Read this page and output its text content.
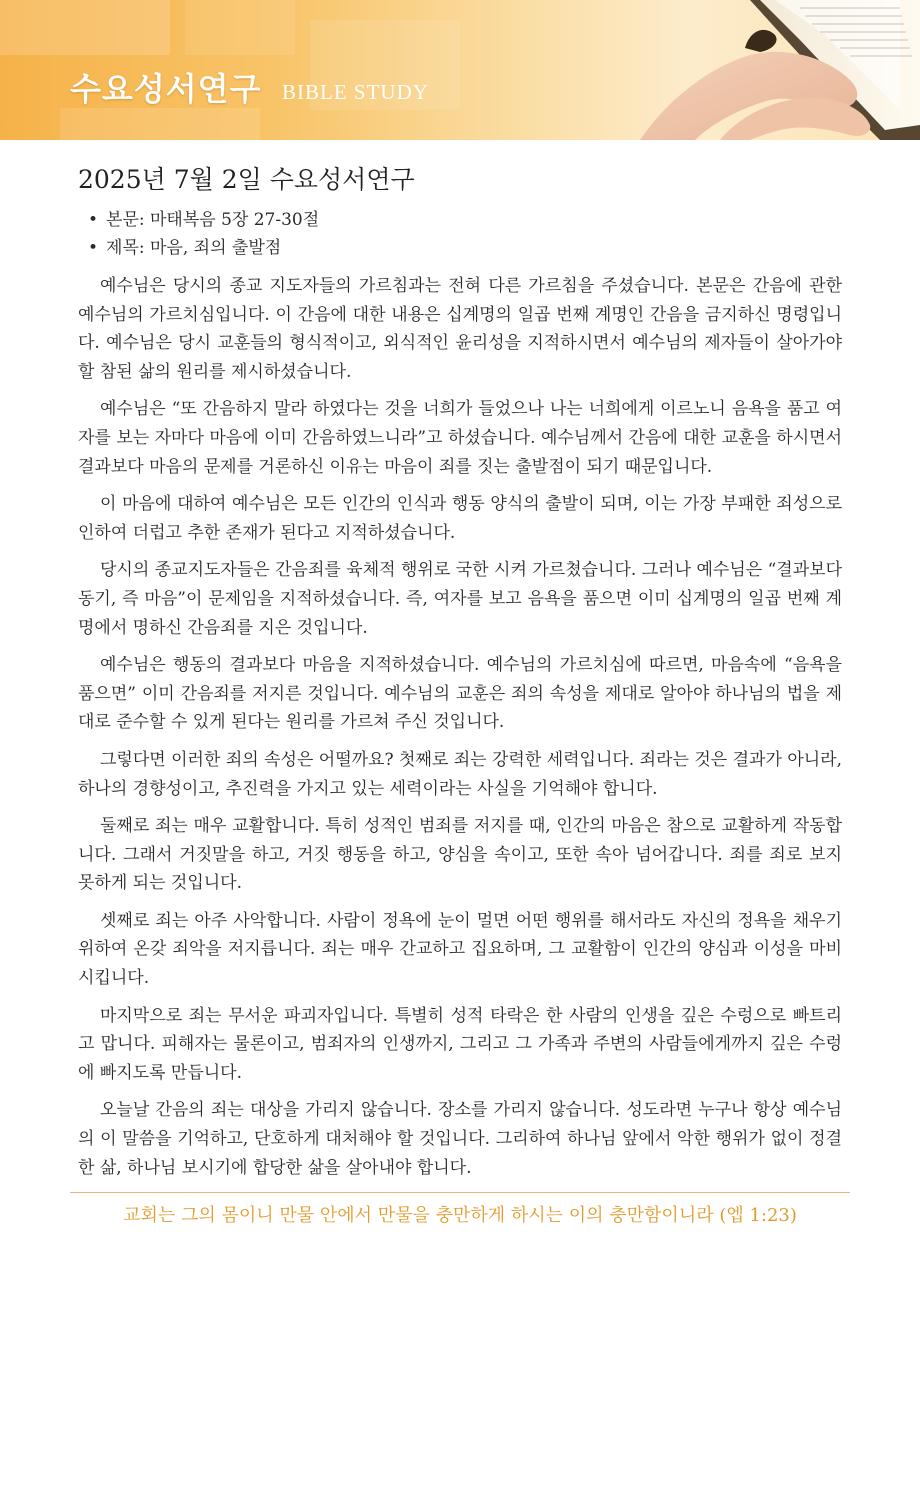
수요성서연구 BIBLE STUDY
2025년 7월 2일 수요성서연구
• 본문: 마태복음 5장 27-30절
• 제목: 마음, 죄의 출발점

예수님은 당시의 종교 지도자들의 가르침과는 전혀 다른 가르침을 주셨습니다. 본문은 간음에 관한 예수님의 가르치심입니다. 이 간음에 대한 내용은 십계명의 일곱 번째 계명인 간음을 금지하신 명령입니다. 예수님은 당시 교훈들의 형식적이고, 외식적인 윤리성을 지적하시면서 예수님의 제자들이 살아가야 할 참된 삶의 원리를 제시하셨습니다.

예수님은 “또 간음하지 말라 하였다는 것을 너희가 들었으나 나는 너희에게 이르노니 음욕을 품고 여자를 보는 자마다 마음에 이미 간음하였느니라”고 하셨습니다. 예수님께서 간음에 대한 교훈을 하시면서 결과보다 마음의 문제를 거론하신 이유는 마음이 죄를 짓는 출발점이 되기 때문입니다.

이 마음에 대하여 예수님은 모든 인간의 인식과 행동 양식의 출발이 되며, 이는 가장 부패한 죄성으로 인하여 더럽고 추한 존재가 된다고 지적하셨습니다.

당시의 종교지도자들은 간음죄를 육체적 행위로 국한 시켜 가르쳤습니다. 그러나 예수님은 “결과보다 동기, 즉 마음”이 문제임을 지적하셨습니다. 즉, 여자를 보고 음욕을 품으면 이미 십계명의 일곱 번째 계명에서 명하신 간음죄를 지은 것입니다.

예수님은 행동의 결과보다 마음을 지적하셨습니다. 예수님의 가르치심에 따르면, 마음속에 “음욕을 품으면” 이미 간음죄를 저지른 것입니다. 예수님의 교훈은 죄의 속성을 제대로 알아야 하나님의 법을 제대로 준수할 수 있게 된다는 원리를 가르쳐 주신 것입니다.

그렇다면 이러한 죄의 속성은 어떨까요? 첫째로 죄는 강력한 세력입니다. 죄라는 것은 결과가 아니라, 하나의 경향성이고, 추진력을 가지고 있는 세력이라는 사실을 기억해야 합니다.

둘째로 죄는 매우 교활합니다. 특히 성적인 범죄를 저지를 때, 인간의 마음은 참으로 교활하게 작동합니다. 그래서 거짓말을 하고, 거짓 행동을 하고, 양심을 속이고, 또한 속아 넘어갑니다. 죄를 죄로 보지 못하게 되는 것입니다.

셋째로 죄는 아주 사악합니다. 사람이 정욕에 눈이 멀면 어떤 행위를 해서라도 자신의 정욕을 채우기 위하여 온갖 죄악을 저지릅니다. 죄는 매우 간교하고 집요하며, 그 교활함이 인간의 양심과 이성을 마비시킵니다.

마지막으로 죄는 무서운 파괴자입니다. 특별히 성적 타락은 한 사람의 인생을 깊은 수렁으로 빠트리고 맙니다. 피해자는 물론이고, 범죄자의 인생까지, 그리고 그 가족과 주변의 사람들에게까지 깊은 수렁에 빠지도록 만듭니다.

오늘날 간음의 죄는 대상을 가리지 않습니다. 장소를 가리지 않습니다. 성도라면 누구나 항상 예수님의 이 말씀을 기억하고, 단호하게 대처해야 할 것입니다. 그리하여 하나님 앞에서 악한 행위가 없이 정결한 삶, 하나님 보시기에 합당한 삶을 살아내야 합니다.

교회는 그의 몸이니 만물 안에서 만물을 충만하게 하시는 이의 충만함이니라 (엡 1:23)
